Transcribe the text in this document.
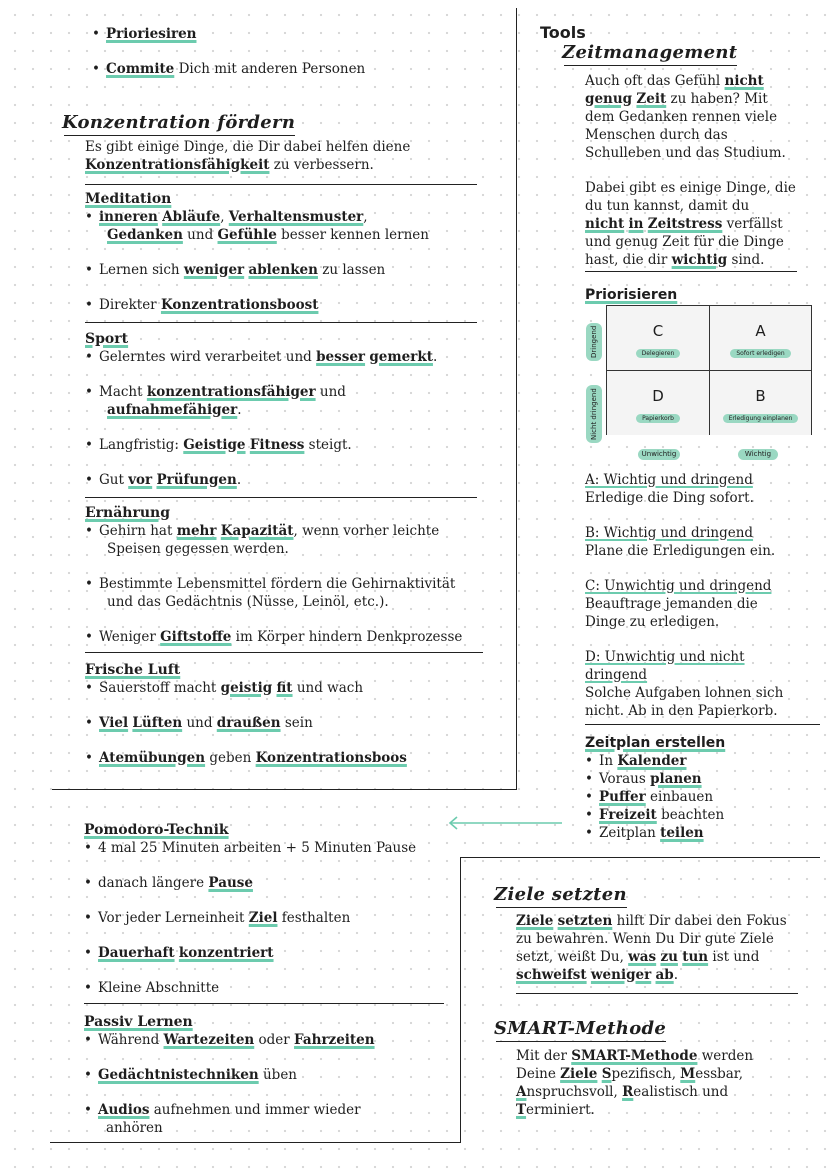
• Prioriesiren

• Commite Dich mit anderen Personen

Konzentration fördern

Es gibt einige Dinge, die Dir dabei helfen diene

Konzentrationsfähigkeit zu verbessern.

Meditation

• inneren Abläufe, Verhaltensmuster,

Gedanken und Gefühle besser kennen lernen

• Lernen sich weniger ablenken zu lassen

• Direkter Konzentrationsboost

Sport

• Gelerntes wird verarbeitet und besser gemerkt.

• Macht konzentrationsfähiger und

aufnahmefähiger.

• Langfristig: Geistige Fitness steigt.

• Gut vor Prüfungen.

Ernährung

• Gehirn hat mehr Kapazität, wenn vorher leichte

Speisen gegessen werden.

• Bestimmte Lebensmittel fördern die Gehirnaktivität

und das Gedächtnis (Nüsse, Leinöl, etc.).

• Weniger Giftstoffe im Körper hindern Denkprozesse

Frische Luft

• Sauerstoff macht geistig fit und wach

• Viel Lüften und draußen sein

• Atemübungen geben Konzentrationsboos

Pomodoro-Technik

• 4 mal 25 Minuten arbeiten + 5 Minuten Pause

• danach längere Pause

• Vor jeder Lerneinheit Ziel festhalten

• Dauerhaft konzentriert

• Kleine Abschnitte

Passiv Lernen

• Während Wartezeiten oder Fahrzeiten

• Gedächtnistechniken üben

• Audios aufnehmen und immer wieder

anhören

Tools
Zeitmanagement

Auch oft das Gefühl nicht

genug Zeit zu haben? Mit

dem Gedanken rennen viele

Menschen durch das

Schulleben und das Studium.

Dabei gibt es einige Dinge, die

du tun kannst, damit du

nicht in Zeitstress verfällst

und genug Zeit für die Dinge

hast, die dir wichtig sind.

Priorisieren
Dringend
Nicht dringend
C
Delegieren
A
Sofort erledigen
D
Papierkorb
B
Erledigung einplanen
Unwichtig	Wichtig

A: Wichtig und dringend

Erledige die Ding sofort.

B: Wichtig und dringend

Plane die Erledigungen ein.

C: Unwichtig und dringend

Beauftrage jemanden die

Dinge zu erledigen.

D: Unwichtig und nicht

dringend

Solche Aufgaben lohnen sich

nicht. Ab in den Papierkorb.

Zeitplan erstellen

• In Kalender

• Voraus planen

• Puffer einbauen

• Freizeit beachten

• Zeitplan teilen

Ziele setzten

Ziele setzten hilft Dir dabei den Fokus

zu bewahren. Wenn Du Dir gute Ziele

setzt, weißt Du, was zu tun ist und

schweifst weniger ab.

SMART-Methode

Mit der SMART-Methode werden

Deine Ziele Spezifisch, Messbar,

Anspruchsvoll, Realistisch und

Terminiert.
